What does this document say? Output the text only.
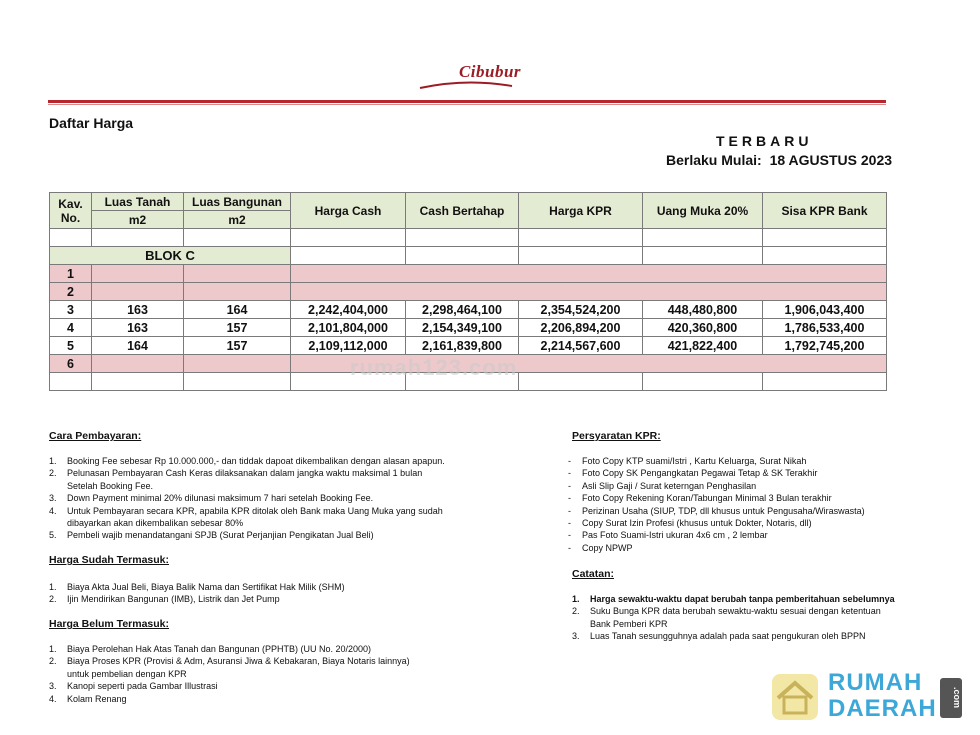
Cibubur
Daftar Harga
TERBARU
Berlaku Mulai: 18 AGUSTUS 2023
Kav.
No.	Luas Tanah	Luas Bangunan	Harga Cash	Cash Bertahap	Harga KPR	Uang Muka 20%	Sisa KPR Bank
	m2	m2					

BLOK C							
1							
2							
3	163	164	2,242,404,000	2,298,464,100	2,354,524,200	448,480,800	1,906,043,400
4	163	157	2,101,804,000	2,154,349,100	2,206,894,200	420,360,800	1,786,533,400
5	164	157	2,109,112,000	2,161,839,800	2,214,567,600	421,822,400	1,792,745,200
6							
								rumah123.com
Cara Pembayaran:
1.	Booking Fee sebesar Rp 10.000.000,- dan tiddak dapoat dikembalikan dengan alasan apapun.
2.	Pelunasan Pembayaran Cash Keras dilaksanakan dalam jangka waktu maksimal 1 bulan
Setelah Booking Fee.
3.	Down Payment minimal 20% dilunasi maksimum 7 hari setelah Booking Fee.
4.	Untuk Pembayaran secara KPR, apabila KPR ditolak oleh Bank maka Uang Muka yang sudah
dibayarkan akan dikembalikan sebesar 80%
5.	Pembeli wajib menandatangani SPJB (Surat Perjanjian Pengikatan Jual Beli)
Harga Sudah Termasuk:
1.	Biaya Akta Jual Beli, Biaya Balik Nama dan Sertifikat Hak Milik (SHM)
2.	Ijin Mendirikan Bangunan (IMB), Listrik dan Jet Pump
Harga Belum Termasuk:
1.	Biaya Perolehan Hak Atas Tanah dan Bangunan (PPHTB) (UU No. 20/2000)
2.	Biaya Proses KPR (Provisi & Adm, Asuransi Jiwa & Kebakaran, Biaya Notaris lainnya)
untuk pembelian dengan KPR
3.	Kanopi seperti pada Gambar Illustrasi
4.	Kolam Renang
Persyaratan KPR:
-	Foto Copy KTP suami/Istri , Kartu Keluarga, Surat Nikah
-	Foto Copy SK Pengangkatan Pegawai Tetap & SK Terakhir
-	Asli Slip Gaji / Surat keterngan Penghasilan
-	Foto Copy Rekening Koran/Tabungan Minimal 3 Bulan terakhir
-	Perizinan Usaha (SIUP, TDP, dll khusus untuk Pengusaha/Wiraswasta)
-	Copy Surat Izin Profesi (khusus untuk Dokter, Notaris, dll)
-	Pas Foto Suami-Istri ukuran 4x6 cm , 2 lembar
-	Copy NPWP
Catatan:
1.	Harga sewaktu-waktu dapat berubah tanpa pemberitahuan sebelumnya
2.	Suku Bunga KPR data berubah sewaktu-waktu sesuai dengan ketentuan
Bank Pemberi KPR
3.	Luas Tanah sesungguhnya adalah pada saat pengukuran oleh BPPN
RUMAH
DAERAH	.com
